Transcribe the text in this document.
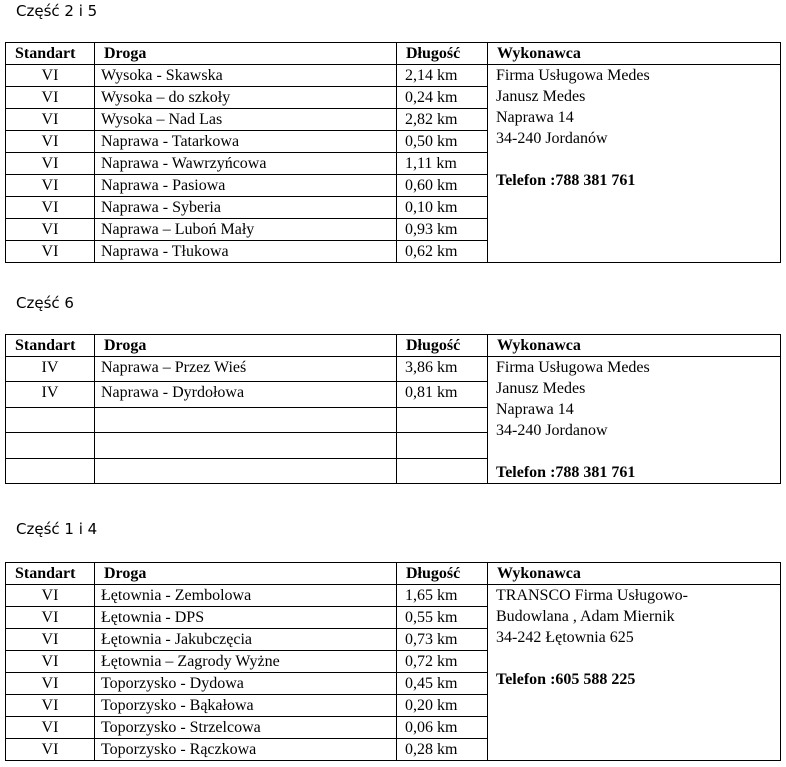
Część 2 i 5
Standart	Droga	Długość	Wykonawca
VI	Wysoka - Skawska	2,14 km	Firma Usługowa Medes
Janusz Medes
Naprawa 14
34-240 Jordanów
Telefon :788 381 761

VI	Wysoka – do szkoły	0,24 km	
VI	Wysoka – Nad Las	2,82 km	
VI	Naprawa - Tatarkowa	0,50 km	
VI	Naprawa - Wawrzyńcowa	1,11 km	
VI	Naprawa - Pasiowa	0,60 km	
VI	Naprawa - Syberia	0,10 km	
VI	Naprawa – Luboń Mały	0,93 km	
VI	Naprawa - Tłukowa	0,62 km	
Część 6
Standart	Droga	Długość	Wykonawca
IV	Naprawa – Przez Wieś	3,86 km	Firma Usługowa Medes
Janusz Medes
Naprawa 14
34-240 Jordanow
Telefon :788 381 761

IV	Naprawa - Dyrdołowa	0,81 km	

Część 1 i 4
Standart	Droga	Długość	Wykonawca
VI	Łętownia - Zembolowa	1,65 km	TRANSCO Firma Usługowo-
Budowlana , Adam Miernik
34-242 Łętownia 625
Telefon :605 588 225

VI	Łętownia - DPS	0,55 km	
VI	Łętownia - Jakubczęcia	0,73 km	
VI	Łętownia – Zagrody Wyżne	0,72 km	
VI	Toporzysko - Dydowa	0,45 km	
VI	Toporzysko - Bąkałowa	0,20 km	
VI	Toporzysko - Strzelcowa	0,06 km	
VI	Toporzysko - Rączkowa	0,28 km	
